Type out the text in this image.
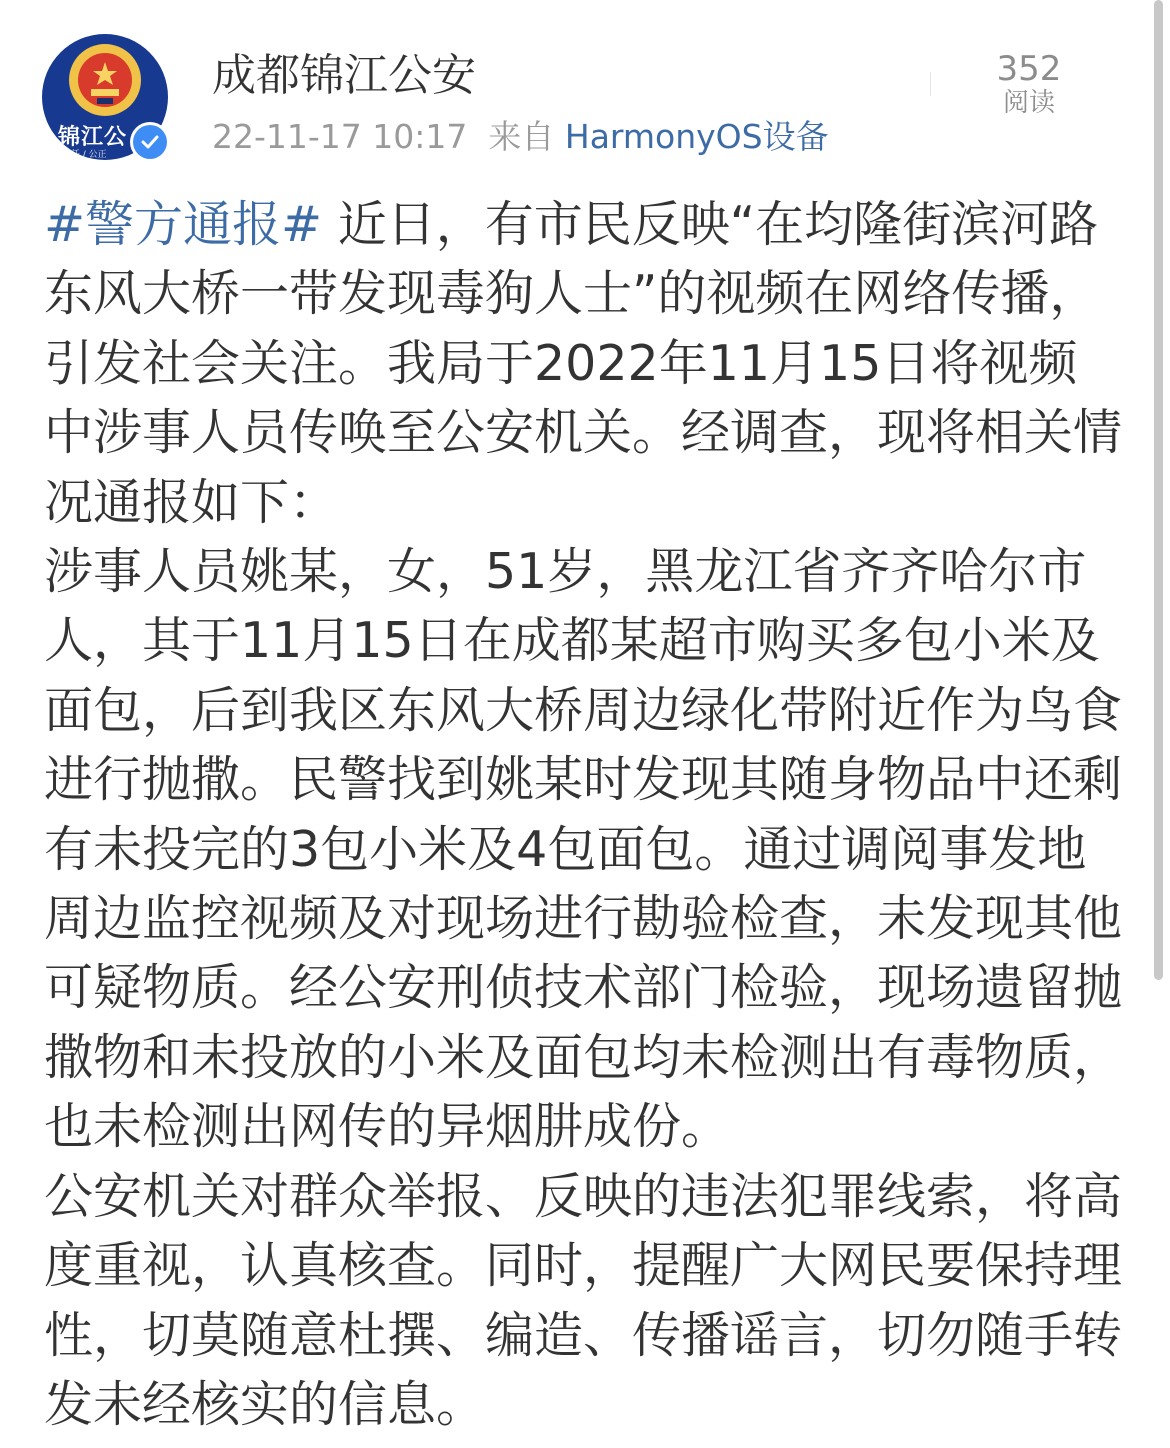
锦江公
/ 责任 / 公正
成都锦江公安
22-11-17 10:17 来自 HarmonyOS设备
352
阅读

#警方通报# 近日，有市民反映“在均隆街滨河路东风大桥一带发现毒狗人士”的视频在网络传播，引发社会关注。我局于2022年11月15日将视频中涉事人员传唤至公安机关。经调查，现将相关情况通报如下：

涉事人员姚某，女，51岁，黑龙江省齐齐哈尔市人，其于11月15日在成都某超市购买多包小米及面包，后到我区东风大桥周边绿化带附近作为鸟食进行抛撒。民警找到姚某时发现其随身物品中还剩有未投完的3包小米及4包面包。通过调阅事发地周边监控视频及对现场进行勘验检查，未发现其他可疑物质。经公安刑侦技术部门检验，现场遗留抛撒物和未投放的小米及面包均未检测出有毒物质，也未检测出网传的异烟肼成份。

公安机关对群众举报、反映的违法犯罪线索，将高度重视，认真核查。同时，提醒广大网民要保持理性，切莫随意杜撰、编造、传播谣言，切勿随手转发未经核实的信息。
